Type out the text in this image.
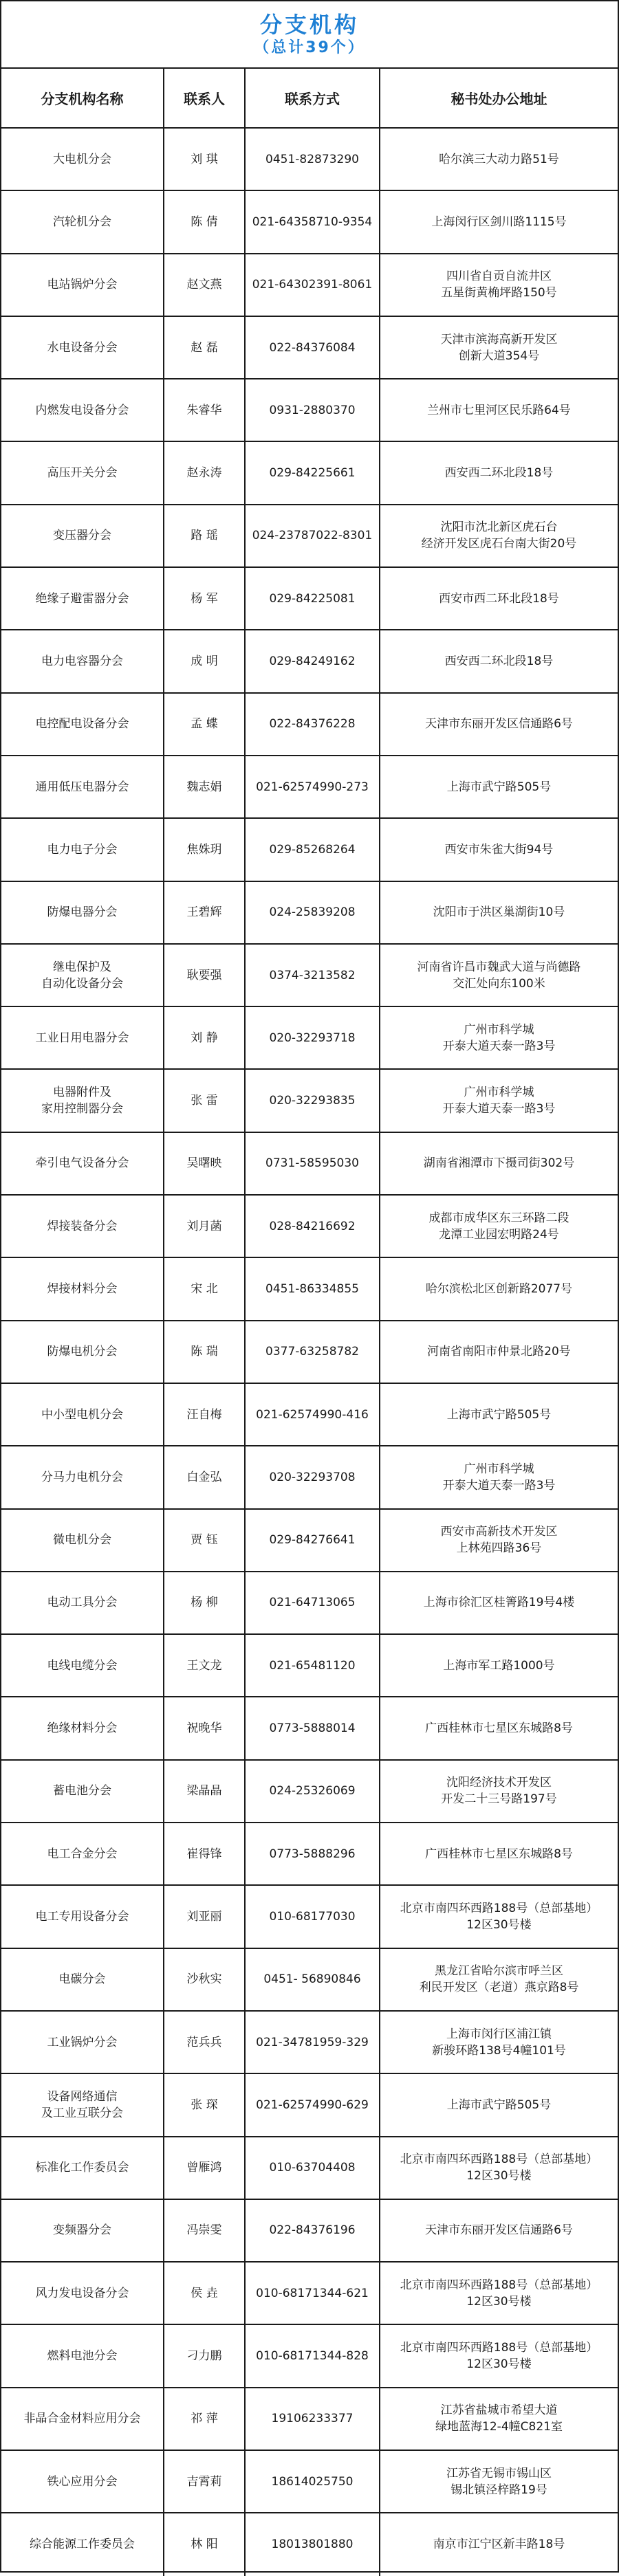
分支机构
（总计39个）
分支机构名称	联系人	联系方式	秘书处办公地址
大电机分会	刘 琪	0451-82873290	哈尔滨三大动力路51号
汽轮机分会	陈 倩	021-64358710-9354	上海闵行区剑川路1115号
电站锅炉分会	赵文燕	021-64302391-8061	四川省自贡自流井区
五星街黄桷坪路150号
水电设备分会	赵 磊	022-84376084	天津市滨海高新开发区
创新大道354号
内燃发电设备分会	朱睿华	0931-2880370	兰州市七里河区民乐路64号
高压开关分会	赵永涛	029-84225661	西安西二环北段18号
变压器分会	路 瑶	024-23787022-8301	沈阳市沈北新区虎石台
经济开发区虎石台南大街20号
绝缘子避雷器分会	杨 军	029-84225081	西安市西二环北段18号
电力电容器分会	成 明	029-84249162	西安西二环北段18号
电控配电设备分会	孟 蝶	022-84376228	天津市东丽开发区信通路6号
通用低压电器分会	魏志娟	021-62574990-273	上海市武宁路505号
电力电子分会	焦姝玥	029-85268264	西安市朱雀大街94号
防爆电器分会	王碧辉	024-25839208	沈阳市于洪区巢湖街10号
继电保护及
自动化设备分会	耿要强	0374-3213582	河南省许昌市魏武大道与尚德路
交汇处向东100米
工业日用电器分会	刘 静	020-32293718	广州市科学城
开泰大道天泰一路3号
电器附件及
家用控制器分会	张 雷	020-32293835	广州市科学城
开泰大道天泰一路3号
牵引电气设备分会	吴曙映	0731-58595030	湖南省湘潭市下摄司街302号
焊接装备分会	刘月菡	028-84216692	成都市成华区东三环路二段
龙潭工业园宏明路24号
焊接材料分会	宋 北	0451-86334855	哈尔滨松北区创新路2077号
防爆电机分会	陈 瑞	0377-63258782	河南省南阳市仲景北路20号
中小型电机分会	汪自梅	021-62574990-416	上海市武宁路505号
分马力电机分会	白金弘	020-32293708	广州市科学城
开泰大道天泰一路3号
微电机分会	贾 钰	029-84276641	西安市高新技术开发区
上林苑四路36号
电动工具分会	杨 柳	021-64713065	上海市徐汇区桂箐路19号4楼
电线电缆分会	王文龙	021-65481120	上海市军工路1000号
绝缘材料分会	祝晚华	0773-5888014	广西桂林市七星区东城路8号
蓄电池分会	梁晶晶	024-25326069	沈阳经济技术开发区
开发二十三号路197号
电工合金分会	崔得锋	0773-5888296	广西桂林市七星区东城路8号
电工专用设备分会	刘亚丽	010-68177030	北京市南四环西路188号（总部基地）
12区30号楼
电碳分会	沙秋实	0451- 56890846	黑龙江省哈尔滨市呼兰区
利民开发区（老道）燕京路8号
工业锅炉分会	范兵兵	021-34781959-329	上海市闵行区浦江镇
新骏环路138号4幢101号
设备网络通信
及工业互联分会	张 琛	021-62574990-629	上海市武宁路505号
标准化工作委员会	曾雁鸿	010-63704408	北京市南四环西路188号（总部基地）
12区30号楼
变频器分会	冯崇雯	022-84376196	天津市东丽开发区信通路6号
风力发电设备分会	侯 垚	010-68171344-621	北京市南四环西路188号（总部基地）
12区30号楼
燃料电池分会	刁力鹏	010-68171344-828	北京市南四环西路188号（总部基地）
12区30号楼
非晶合金材料应用分会	祁 萍	19106233377	江苏省盐城市希望大道
绿地蓝海12-4幢C821室
铁心应用分会	吉霄莉	18614025750	江苏省无锡市锡山区
锡北镇泾梓路19号
综合能源工作委员会	林 阳	18013801880	南京市江宁区新丰路18号
